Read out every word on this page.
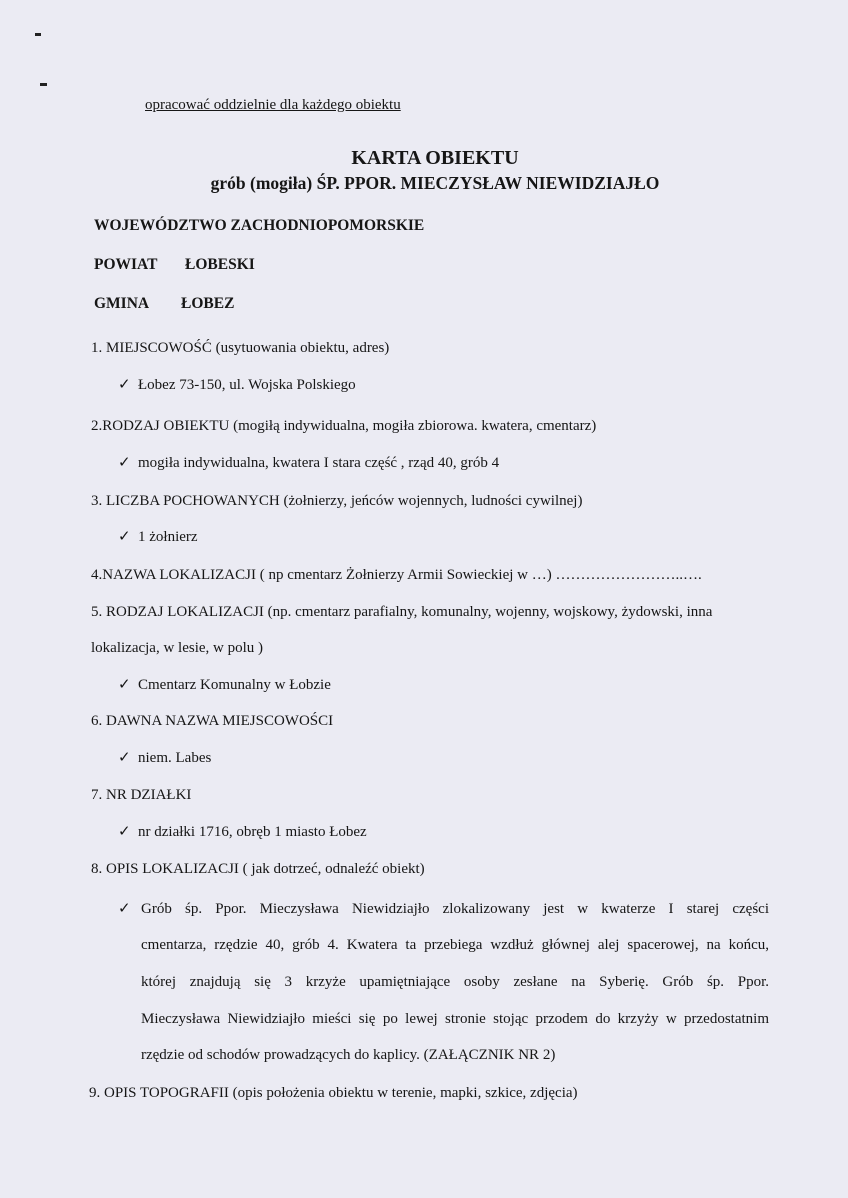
opracować oddzielnie dla każdego obiektu
KARTA OBIEKTU
grób (mogiła) ŚP. PPOR. MIECZYSŁAW NIEWIDZIAJŁO
WOJEWÓDZTWO ZACHODNIOPOMORSKIE
POWIAT ŁOBESKI
GMINA ŁOBEZ
1. MIEJSCOWOŚĆ (usytuowania obiektu, adres)
✓ Łobez 73-150, ul. Wojska Polskiego
2.RODZAJ OBIEKTU (mogiłą indywidualna, mogiła zbiorowa. kwatera, cmentarz)
✓ mogiła indywidualna, kwatera I stara część , rząd 40, grób 4
3. LICZBA POCHOWANYCH (żołnierzy, jeńców wojennych, ludności cywilnej)
✓ 1 żołnierz
4.NAZWA LOKALIZACJI ( np cmentarz Żołnierzy Armii Sowieckiej w …) ……………………..….
5. RODZAJ LOKALIZACJI (np. cmentarz parafialny, komunalny, wojenny, wojskowy, żydowski, inna
lokalizacja, w lesie, w polu )
✓ Cmentarz Komunalny w Łobzie
6. DAWNA NAZWA MIEJSCOWOŚCI
✓ niem. Labes
7. NR DZIAŁKI
✓ nr działki 1716, obręb 1 miasto Łobez
8. OPIS LOKALIZACJI ( jak dotrzeć, odnaleźć obiekt)
✓ Grób śp. Ppor. Mieczysława Niewidziajło zlokalizowany jest w kwaterze I starej części
cmentarza, rzędzie 40, grób 4. Kwatera ta przebiega wzdłuż głównej alej spacerowej, na końcu,
której znajdują się 3 krzyże upamiętniające osoby zesłane na Syberię. Grób śp. Ppor.
Mieczysława Niewidziajło mieści się po lewej stronie stojąc przodem do krzyży w przedostatnim
rzędzie od schodów prowadzących do kaplicy. (ZAŁĄCZNIK NR 2)
9. OPIS TOPOGRAFII (opis położenia obiektu w terenie, mapki, szkice, zdjęcia)
